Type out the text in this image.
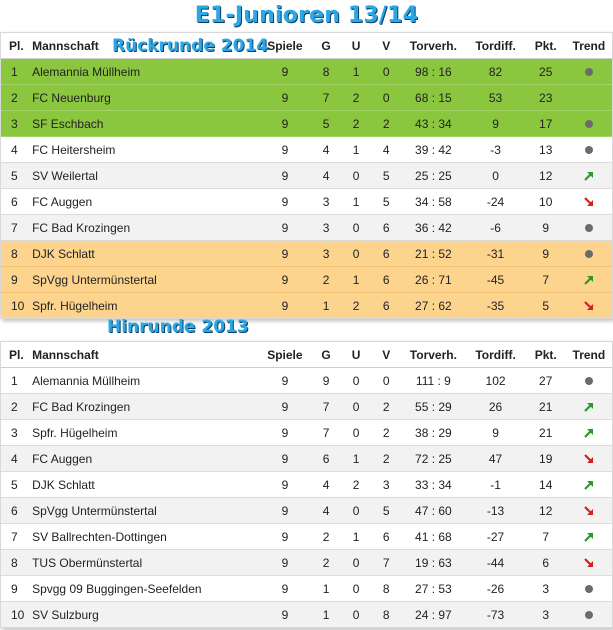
E1-Junioren 13/14
Rückrunde 2014
Hinrunde 2013
Pl.	Mannschaft	Spiele	G	U	V	Torverh.	Tordiff.	Pkt.	Trend
1	Alemannia Müllheim	9	8	1	0	98 : 16	82	25	
2	FC Neuenburg	9	7	2	0	68 : 15	53	23	
3	SF Eschbach	9	5	2	2	43 : 34	9	17	
4	FC Heitersheim	9	4	1	4	39 : 42	-3	13	
5	SV Weilertal	9	4	0	5	25 : 25	0	12	
6	FC Auggen	9	3	1	5	34 : 58	-24	10	
7	FC Bad Krozingen	9	3	0	6	36 : 42	-6	9	
8	DJK Schlatt	9	3	0	6	21 : 52	-31	9	
9	SpVgg Untermünstertal	9	2	1	6	26 : 71	-45	7	
10	Spfr. Hügelheim	9	1	2	6	27 : 62	-35	5	
Pl.	Mannschaft	Spiele	G	U	V	Torverh.	Tordiff.	Pkt.	Trend
1	Alemannia Müllheim	9	9	0	0	111 : 9	102	27	
2	FC Bad Krozingen	9	7	0	2	55 : 29	26	21	
3	Spfr. Hügelheim	9	7	0	2	38 : 29	9	21	
4	FC Auggen	9	6	1	2	72 : 25	47	19	
5	DJK Schlatt	9	4	2	3	33 : 34	-1	14	
6	SpVgg Untermünstertal	9	4	0	5	47 : 60	-13	12	
7	SV Ballrechten-Dottingen	9	2	1	6	41 : 68	-27	7	
8	TUS Obermünstertal	9	2	0	7	19 : 63	-44	6	
9	Spvgg 09 Buggingen-Seefelden	9	1	0	8	27 : 53	-26	3	
10	SV Sulzburg	9	1	0	8	24 : 97	-73	3	
